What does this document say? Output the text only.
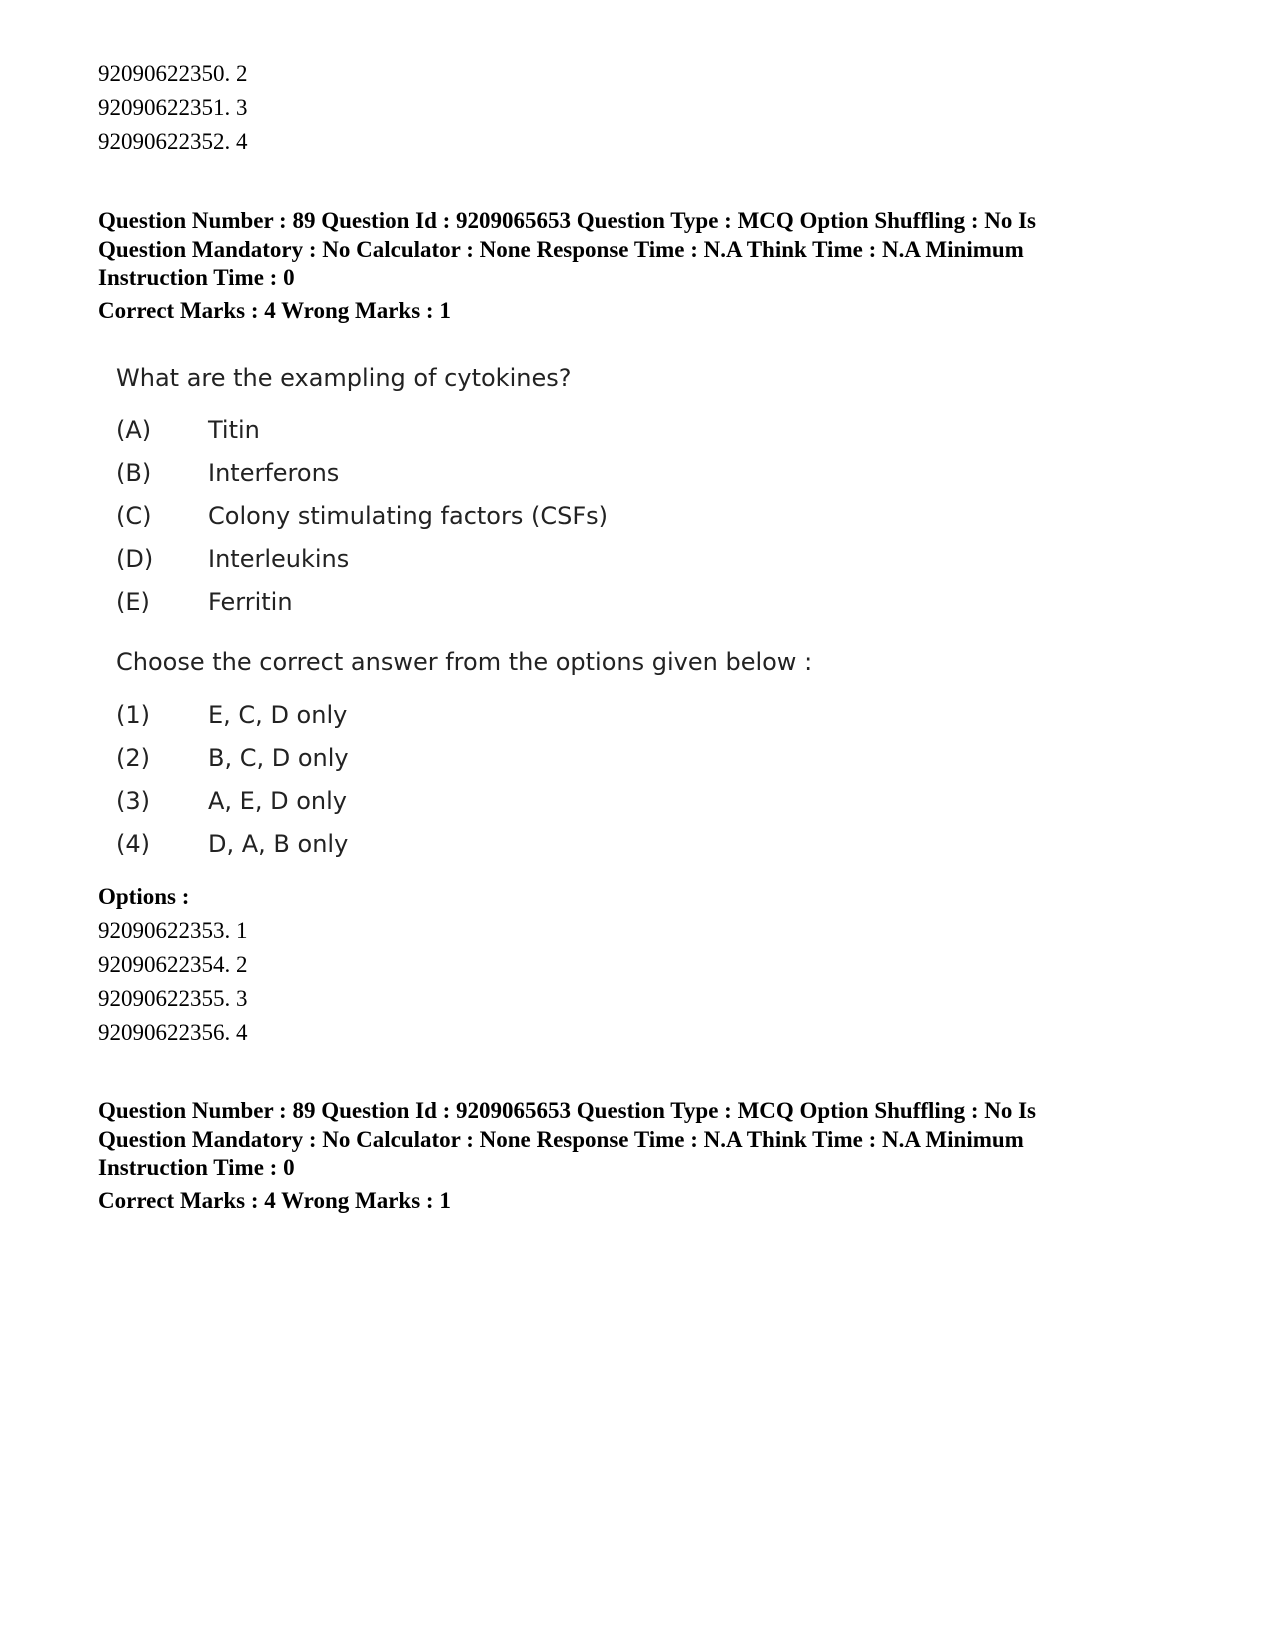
92090622350. 2
92090622351. 3
92090622352. 4
Question Number : 89 Question Id : 9209065653 Question Type : MCQ Option Shuffling : No Is Question Mandatory : No Calculator : None Response Time : N.A Think Time : N.A Minimum Instruction Time : 0
Correct Marks : 4 Wrong Marks : 1
What are the exampling of cytokines?
(A)	Titin
(B)	Interferons
(C)	Colony stimulating factors (CSFs)
(D)	Interleukins
(E)	Ferritin
Choose the correct answer from the options given below :
(1)	E, C, D only
(2)	B, C, D only
(3)	A, E, D only
(4)	D, A, B only
Options :
92090622353. 1
92090622354. 2
92090622355. 3
92090622356. 4
Question Number : 89 Question Id : 9209065653 Question Type : MCQ Option Shuffling : No Is Question Mandatory : No Calculator : None Response Time : N.A Think Time : N.A Minimum Instruction Time : 0
Correct Marks : 4 Wrong Marks : 1
